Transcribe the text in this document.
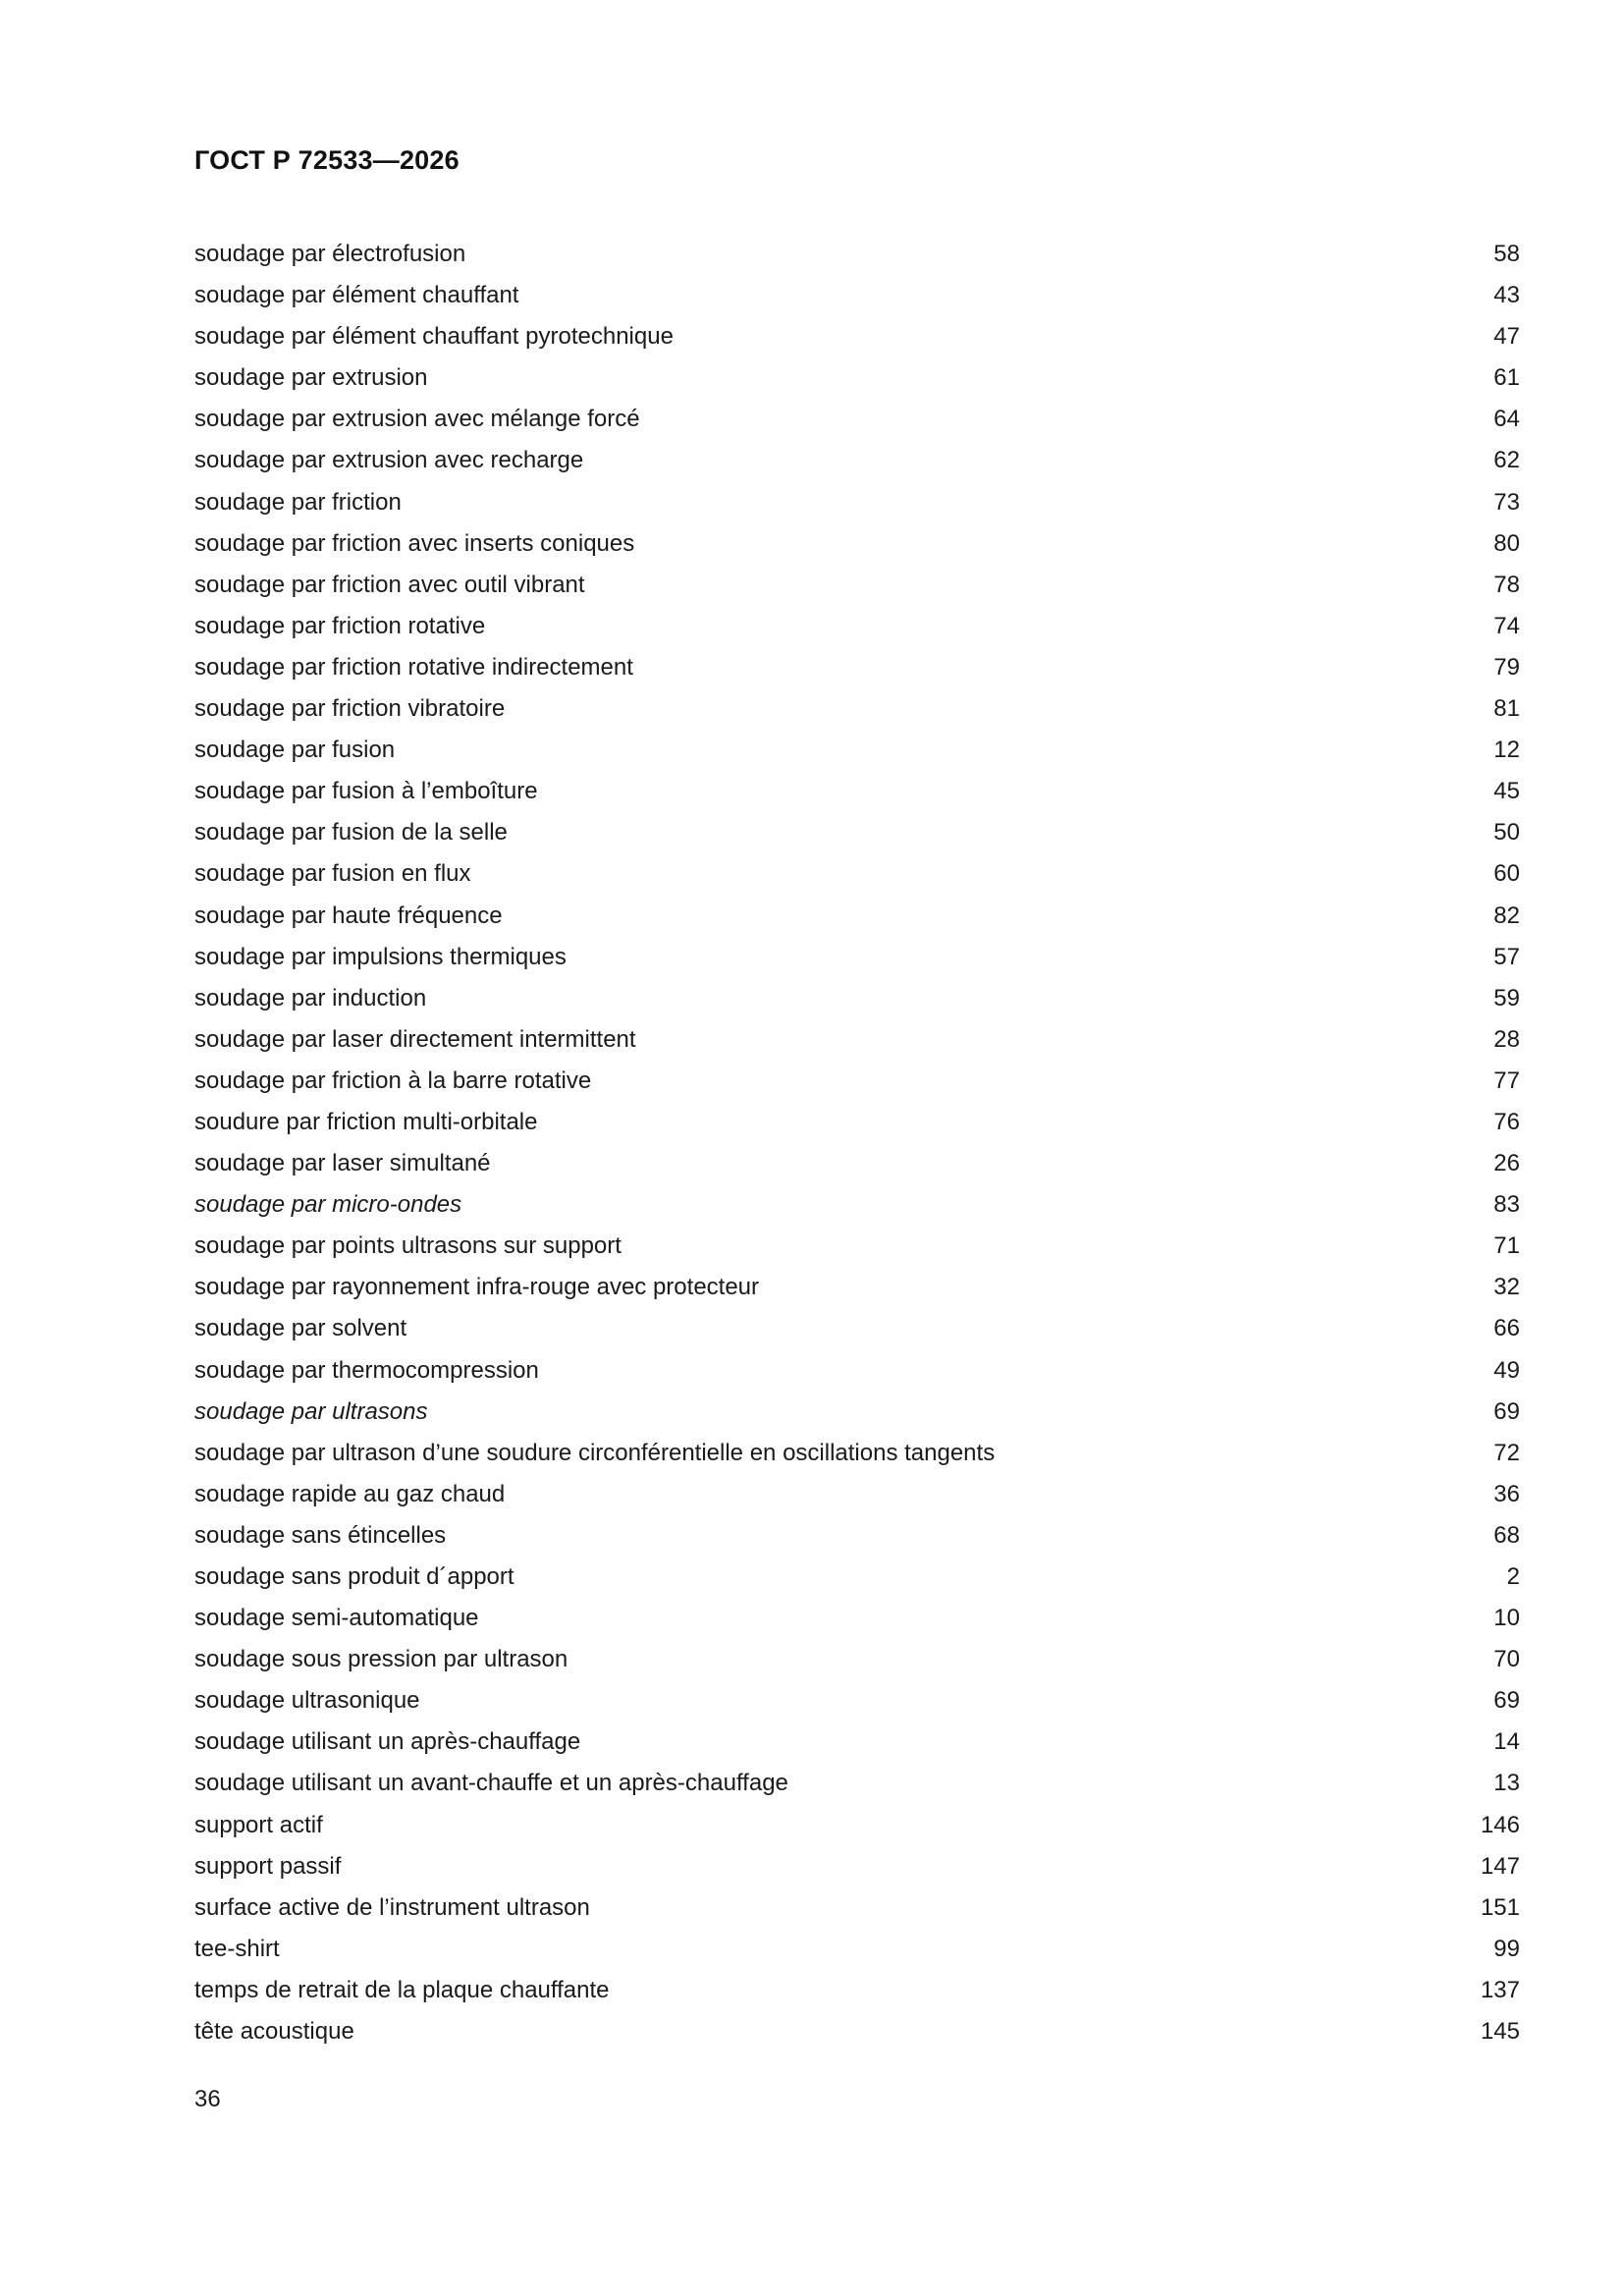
ГОСТ Р 72533—2026
soudage par électrofusion	58
soudage par élément chauffant	43
soudage par élément chauffant pyrotechnique	47
soudage par extrusion	61
soudage par extrusion avec mélange forcé	64
soudage par extrusion avec recharge	62
soudage par friction	73
soudage par friction avec inserts coniques	80
soudage par friction avec outil vibrant	78
soudage par friction rotative	74
soudage par friction rotative indirectement	79
soudage par friction vibratoire	81
soudage par fusion	12
soudage par fusion à l’emboîture	45
soudage par fusion de la selle	50
soudage par fusion en flux	60
soudage par haute fréquence	82
soudage par impulsions thermiques	57
soudage par induction	59
soudage par laser directement intermittent	28
soudage par friction à la barre rotative	77
soudure par friction multi-orbitale	76
soudage par laser simultané	26
soudage par micro-ondes	83
soudage par points ultrasons sur support	71
soudage par rayonnement infra-rouge avec protecteur	32
soudage par solvent	66
soudage par thermocompression	49
soudage par ultrasons	69
soudage par ultrason d’une soudure circonférentielle en oscillations tangents	72
soudage rapide au gaz chaud	36
soudage sans étincelles	68
soudage sans produit d´apport	2
soudage semi-automatique	10
soudage sous pression par ultrason	70
soudage ultrasonique	69
soudage utilisant un après-chauffage	14
soudage utilisant un avant-chauffe et un après-chauffage	13
support actif	146
support passif	147
surface active de l’instrument ultrason	151
tee-shirt	99
temps de retrait de la plaque chauffante	137
tête acoustique	145
36
